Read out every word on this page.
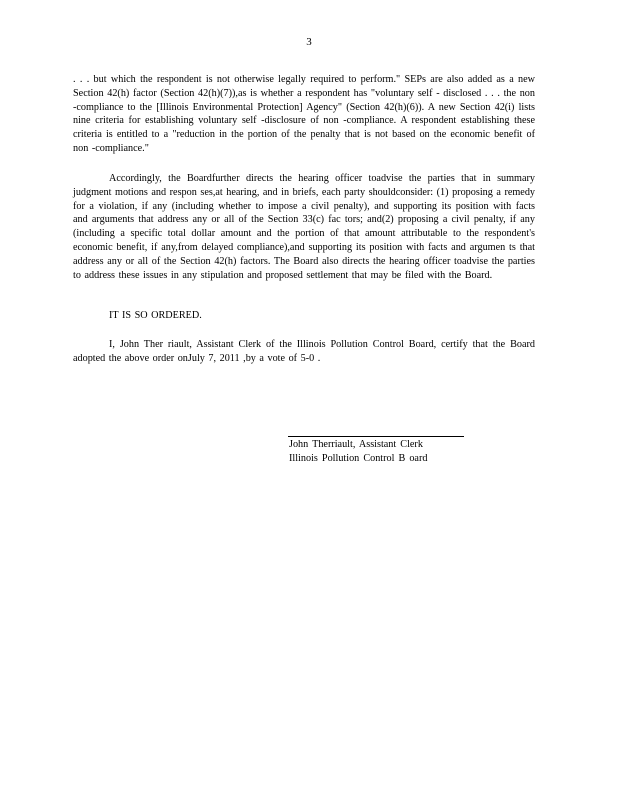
3
. . . but which the respondent is not otherwise legally required to perform." SEPs are also added as a new Section 42(h) factor (Section 42(h)(7)),as is whether a respondent has "voluntary self - disclosed . . . the non -compliance to the [Illinois Environmental Protection] Agency" (Section 42(h)(6)). A new Section 42(i) lists nine criteria for establishing voluntary self -disclosure of non -compliance. A respondent establishing these criteria is entitled to a "reduction in the portion of the penalty that is not based on the economic benefit of non -compliance."
Accordingly, the Boardfurther directs the hearing officer toadvise the parties that in summary judgment motions and respon ses,at hearing, and in briefs, each party shouldconsider: (1) proposing a remedy for a violation, if any (including whether to impose a civil penalty), and supporting its position with facts and arguments that address any or all of the Section 33(c) fac tors; and(2) proposing a civil penalty, if any (including a specific total dollar amount and the portion of that amount attributable to the respondent's economic benefit, if any,from delayed compliance),and supporting its position with facts and argumen ts that address any or all of the Section 42(h) factors. The Board also directs the hearing officer toadvise the parties to address these issues in any stipulation and proposed settlement that may be filed with the Board.
IT IS SO ORDERED.
I, John Ther riault, Assistant Clerk of the Illinois Pollution Control Board, certify that the Board adopted the above order onJuly 7, 2011 ,by a vote of 5-0 .
John Therriault, Assistant Clerk
Illinois Pollution Control B oard
